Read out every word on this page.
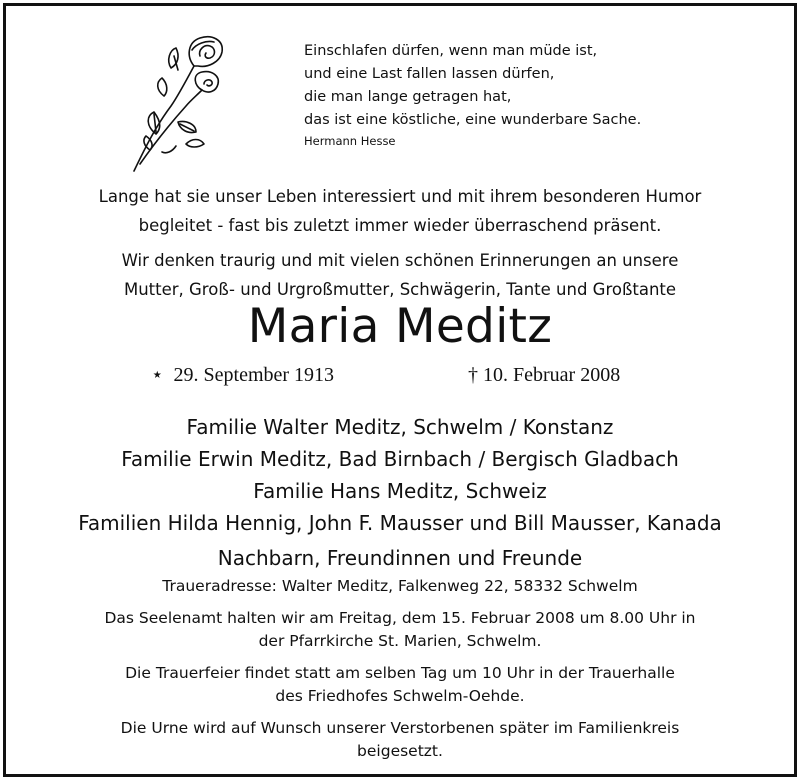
Einschlafen dürfen, wenn man müde ist,
und eine Last fallen lassen dürfen,
die man lange getragen hat,
das ist eine köstliche, eine wunderbare Sache.
Hermann Hesse
Lange hat sie unser Leben interessiert und mit ihrem besonderen Humor
begleitet - fast bis zuletzt immer wieder überraschend präsent.
Wir denken traurig und mit vielen schönen Erinnerungen an unsere
Mutter, Groß- und Urgroßmutter, Schwägerin, Tante und Großtante
Maria Meditz
⋆ 29. September 1913	† 10. Februar 2008
Familie Walter Meditz, Schwelm / Konstanz
Familie Erwin Meditz, Bad Birnbach / Bergisch Gladbach
Familie Hans Meditz, Schweiz
Familien Hilda Hennig, John F. Mausser und Bill Mausser, Kanada
Nachbarn, Freundinnen und Freunde
Traueradresse: Walter Meditz, Falkenweg 22, 58332 Schwelm
Das Seelenamt halten wir am Freitag, dem 15. Februar 2008 um 8.00 Uhr in
der Pfarrkirche St. Marien, Schwelm.
Die Trauerfeier findet statt am selben Tag um 10 Uhr in der Trauerhalle
des Friedhofes Schwelm-Oehde.
Die Urne wird auf Wunsch unserer Verstorbenen später im Familienkreis
beigesetzt.
